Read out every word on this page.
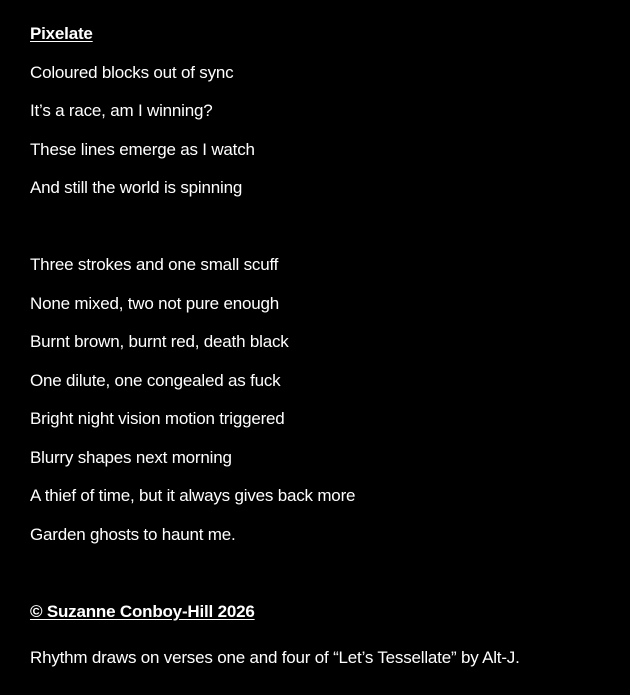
Pixelate
Coloured blocks out of sync
It’s a race, am I winning?
These lines emerge as I watch
And still the world is spinning
Three strokes and one small scuff
None mixed, two not pure enough
Burnt brown, burnt red, death black
One dilute, one congealed as fuck
Bright night vision motion triggered
Blurry shapes next morning
A thief of time, but it always gives back more
Garden ghosts to haunt me.
© Suzanne Conboy-Hill 2026
Rhythm draws on verses one and four of “Let’s Tessellate” by Alt-J.
